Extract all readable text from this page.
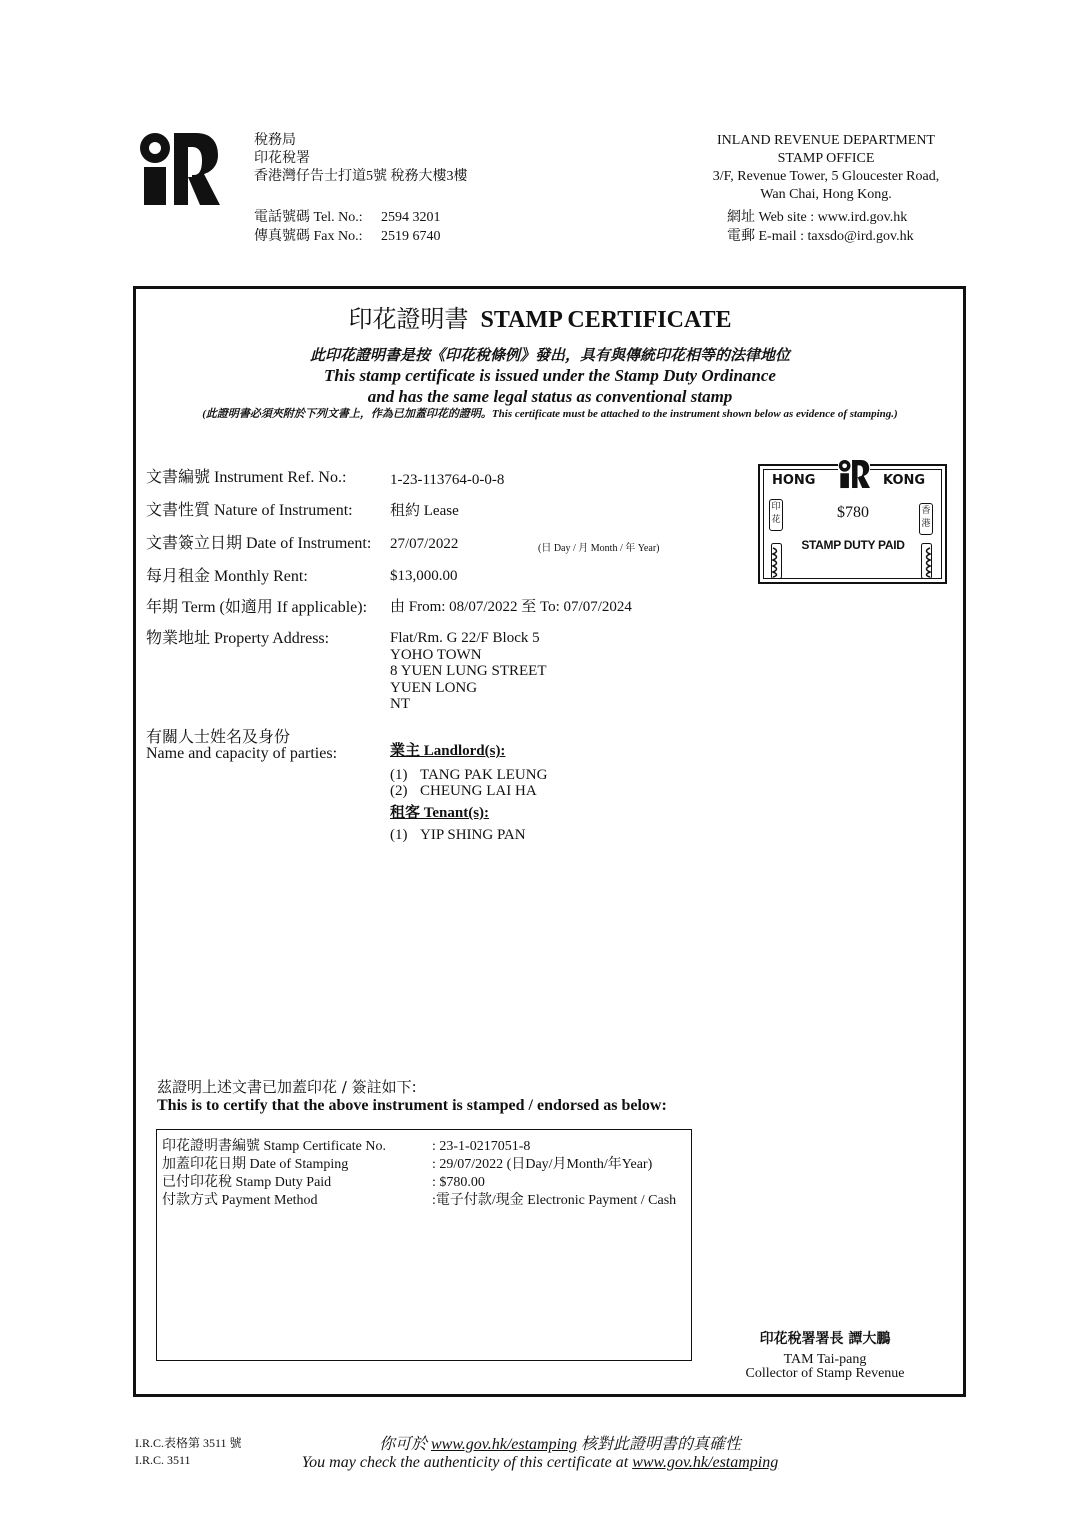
稅務局
印花稅署
香港灣仔告士打道5號 稅務大樓3樓
電話號碼 Tel. No.: 2594 3201
傳真號碼 Fax No.: 2519 6740
INLAND REVENUE DEPARTMENT
STAMP OFFICE
3/F, Revenue Tower, 5 Gloucester Road,
Wan Chai, Hong Kong.
網址 Web site : www.ird.gov.hk
電郵 E-mail : taxsdo@ird.gov.hk
印花證明書 STAMP CERTIFICATE
此印花證明書是按《印花稅條例》發出，具有與傳統印花相等的法律地位
This stamp certificate is issued under the Stamp Duty Ordinance
and has the same legal status as conventional stamp
(此證明書必須夾附於下列文書上，作為已加蓋印花的證明。This certificate must be attached to the instrument shown below as evidence of stamping.)
文書編號 Instrument Ref. No.:	1-23-113764-0-0-8
文書性質 Nature of Instrument: 租約 Lease
文書簽立日期 Date of Instrument: 27/07/2022	(日 Day / 月 Month / 年 Year)
每月租金 Monthly Rent:	$13,000.00
年期 Term (如適用 If applicable): 由 From: 08/07/2022 至 To: 07/07/2024
物業地址 Property Address:	Flat/Rm. G 22/F Block 5
YOHO TOWN
8 YUEN LUNG STREET
YUEN LONG
NT
有關人士姓名及身份
Name and capacity of parties:	業主 Landlord(s):
(1) TANG PAK LEUNG
(2) CHEUNG LAI HA
租客 Tenant(s):
(1) YIP SHING PAN
HONG	KONG
印花
香港
$780
STAMP DUTY PAID
茲證明上述文書已加蓋印花 / 簽註如下:
This is to certify that the above instrument is stamped / endorsed as below:
印花證明書編號 Stamp Certificate No.	: 23-1-0217051-8
加蓋印花日期 Date of Stamping	: 29/07/2022 (日Day/月Month/年Year)
已付印花稅 Stamp Duty Paid	: $780.00
付款方式 Payment Method	:電子付款/現金 Electronic Payment / Cash
印花稅署署長 譚大鵬
TAM Tai-pang
Collector of Stamp Revenue
I.R.C.表格第 3511 號
I.R.C. 3511
你可於 www.gov.hk/estamping 核對此證明書的真確性
You may check the authenticity of this certificate at www.gov.hk/estamping
